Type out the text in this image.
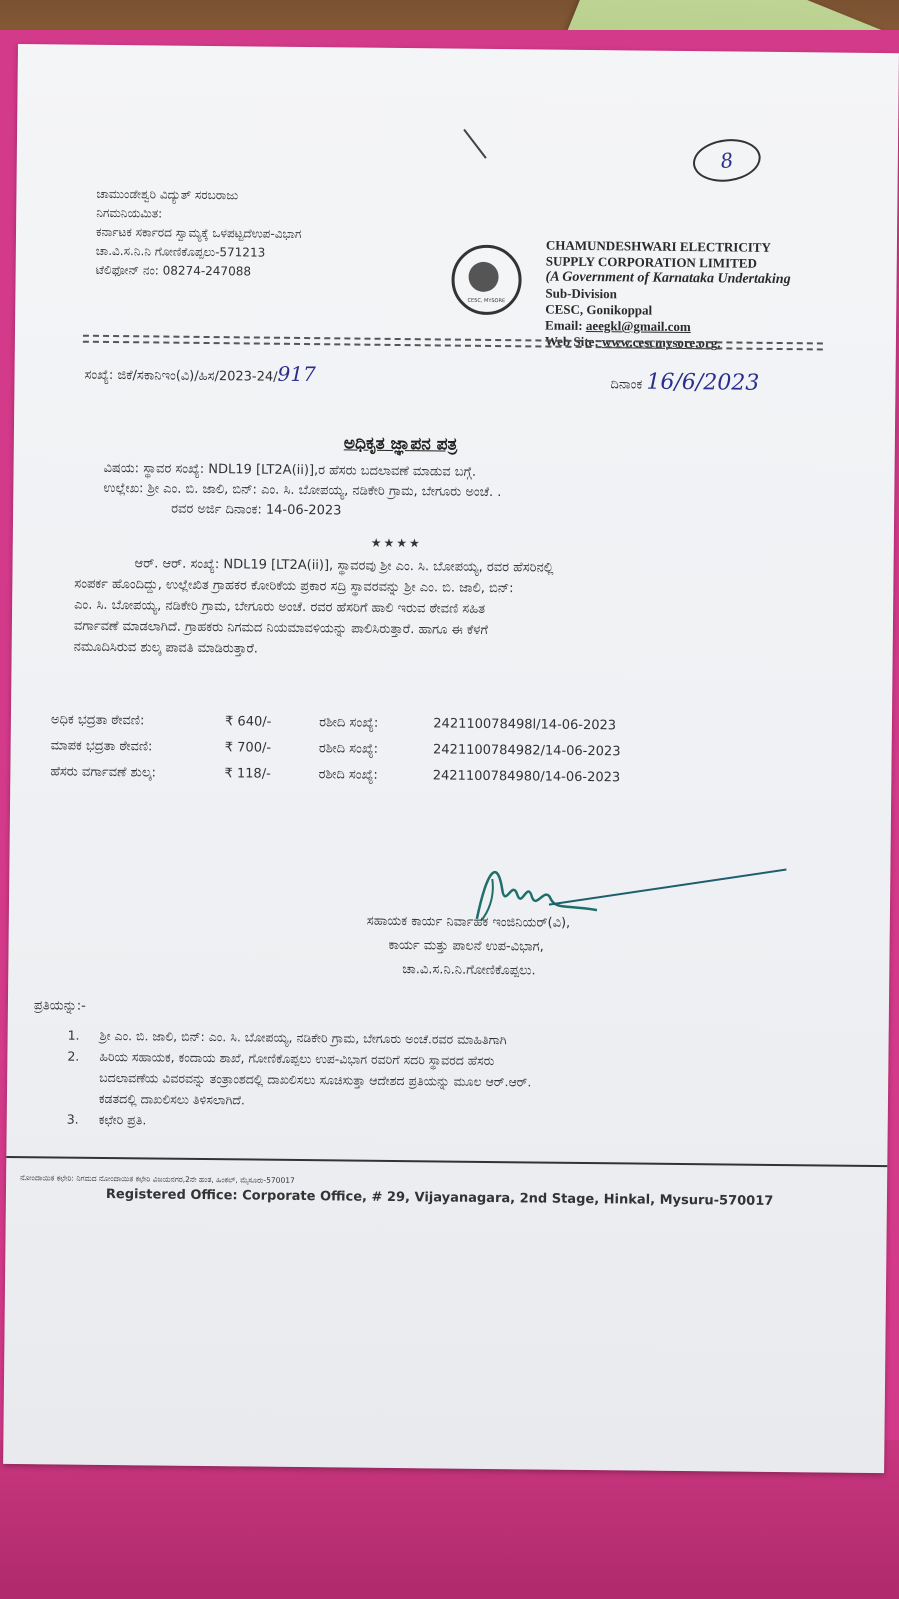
8
ಚಾಮುಂಡೇಶ್ವರಿ ವಿದ್ಯುತ್ ಸರಬರಾಜು
ನಿಗಮನಿಯಮಿತ:
ಕರ್ನಾಟಕ ಸರ್ಕಾರದ ಸ್ವಾಮ್ಯಕ್ಕೆ ಒಳಪಟ್ಟದೆಉಪ-ವಿಭಾಗ
ಚಾ.ವಿ.ಸ.ನಿ.ನಿ ಗೋಣಿಕೊಪ್ಪಲು-571213
ಟೆಲಿಫೋನ್ ನಂ: 08274-247088
CESC, MYSORE
CHAMUNDESHWARI ELECTRICITY
SUPPLY CORPORATION LIMITED
(A Government of Karnataka Undertaking
Sub-Division
CESC, Gonikoppal
Email: aeegkl@gmail.com
Web Site: www.cescmysore.org.
ಸಂಖ್ಯೆ: ಜಿಕೆ/ಸಕಾನಿಇಂ(ವಿ)/ಹಿಸ/2023-24/917	ದಿನಾಂಕ 16/6/2023
ಅಧಿಕೃತ ಜ್ಞಾಪನ ಪತ್ರ
ವಿಷಯ: ಸ್ಥಾವರ ಸಂಖ್ಯೆ: NDL19 [LT2A(ii)],ರ ಹೆಸರು ಬದಲಾವಣೆ ಮಾಡುವ ಬಗ್ಗೆ.
ಉಲ್ಲೇಖ: ಶ್ರೀ ಎಂ. ಬಿ. ಜಾಲಿ, ಬಿನ್: ಎಂ. ಸಿ. ಬೋಪಯ್ಯ, ನಡಿಕೇರಿ ಗ್ರಾಮ, ಬೇಗೂರು ಅಂಚೆ. .
ರವರ ಅರ್ಜಿ ದಿನಾಂಕ: 14-06-2023
★★★★
ಆರ್. ಆರ್. ಸಂಖ್ಯೆ: NDL19 [LT2A(ii)], ಸ್ಥಾವರವು ಶ್ರೀ ಎಂ. ಸಿ. ಬೋಪಯ್ಯ, ರವರ ಹೆಸರಿನಲ್ಲಿ
ಸಂಪರ್ಕ ಹೊಂದಿದ್ದು, ಉಲ್ಲೇಖಿತ ಗ್ರಾಹಕರ ಕೋರಿಕೆಯ ಪ್ರಕಾರ ಸದ್ರಿ ಸ್ಥಾವರವನ್ನು ಶ್ರೀ ಎಂ. ಬಿ. ಜಾಲಿ, ಬಿನ್:
ಎಂ. ಸಿ. ಬೋಪಯ್ಯ, ನಡಿಕೇರಿ ಗ್ರಾಮ, ಬೇಗೂರು ಅಂಚೆ. ರವರ ಹೆಸರಿಗೆ ಹಾಲಿ ಇರುವ ಠೇವಣಿ ಸಹಿತ
ವರ್ಗಾವಣೆ ಮಾಡಲಾಗಿದೆ. ಗ್ರಾಹಕರು ನಿಗಮದ ನಿಯಮಾವಳಿಯನ್ನು ಪಾಲಿಸಿರುತ್ತಾರೆ. ಹಾಗೂ ಈ ಕೆಳಗೆ
ನಮೂದಿಸಿರುವ ಶುಲ್ಕ ಪಾವತಿ ಮಾಡಿರುತ್ತಾರೆ.
ಅಧಿಕ ಭದ್ರತಾ ಠೇವಣಿ:	₹ 640/-	ರಶೀದಿ ಸಂಖ್ಯೆ:	242110078498l/14-06-2023
ಮಾಪಕ ಭದ್ರತಾ ಠೇವಣಿ:	₹ 700/-	ರಶೀದಿ ಸಂಖ್ಯೆ:	2421100784982/14-06-2023
ಹೆಸರು ವರ್ಗಾವಣೆ ಶುಲ್ಕ:	₹ 118/-	ರಶೀದಿ ಸಂಖ್ಯೆ:	2421100784980/14-06-2023
ಸಹಾಯಕ ಕಾರ್ಯ ನಿರ್ವಾಹಕ ಇಂಜಿನಿಯರ್(ವಿ),
ಕಾರ್ಯ ಮತ್ತು ಪಾಲನೆ ಉಪ-ವಿಭಾಗ,
ಚಾ.ವಿ.ಸ.ನಿ.ನಿ.ಗೋಣಿಕೊಪ್ಪಲು.
ಪ್ರತಿಯನ್ನು:-
1. ಶ್ರೀ ಎಂ. ಬಿ. ಜಾಲಿ, ಬಿನ್: ಎಂ. ಸಿ. ಬೋಪಯ್ಯ, ನಡಿಕೇರಿ ಗ್ರಾಮ, ಬೇಗೂರು ಅಂಚೆ.ರವರ ಮಾಹಿತಿಗಾಗಿ
2. ಹಿರಿಯ ಸಹಾಯಕ, ಕಂದಾಯ ಶಾಖೆ, ಗೋಣಿಕೊಪ್ಪಲು ಉಪ-ವಿಭಾಗ ರವರಿಗೆ ಸದರಿ ಸ್ಥಾವರದ ಹೆಸರು
ಬದಲಾವಣೆಯ ವಿವರವನ್ನು ತಂತ್ರಾಂಶದಲ್ಲಿ ದಾಖಲಿಸಲು ಸೂಚಿಸುತ್ತಾ ಆದೇಶದ ಪ್ರತಿಯನ್ನು ಮೂಲ ಆರ್.ಆರ್.
ಕಡತದಲ್ಲಿ ದಾಖಲಿಸಲು ತಿಳಿಸಲಾಗಿದೆ.
3. ಕಛೇರಿ ಪ್ರತಿ.
ನೋಂದಾಯಿತ ಕಛೇರಿ: ನಿಗಮದ ನೋಂದಾಯಿತ ಕಛೇರಿ ವಿಜಯನಗರ,2ನೇ ಹಂತ, ಹಿಂಕಲ್, ಮೈಸೂರು-570017
Registered Office: Corporate Office, # 29, Vijayanagara, 2nd Stage, Hinkal, Mysuru-570017
